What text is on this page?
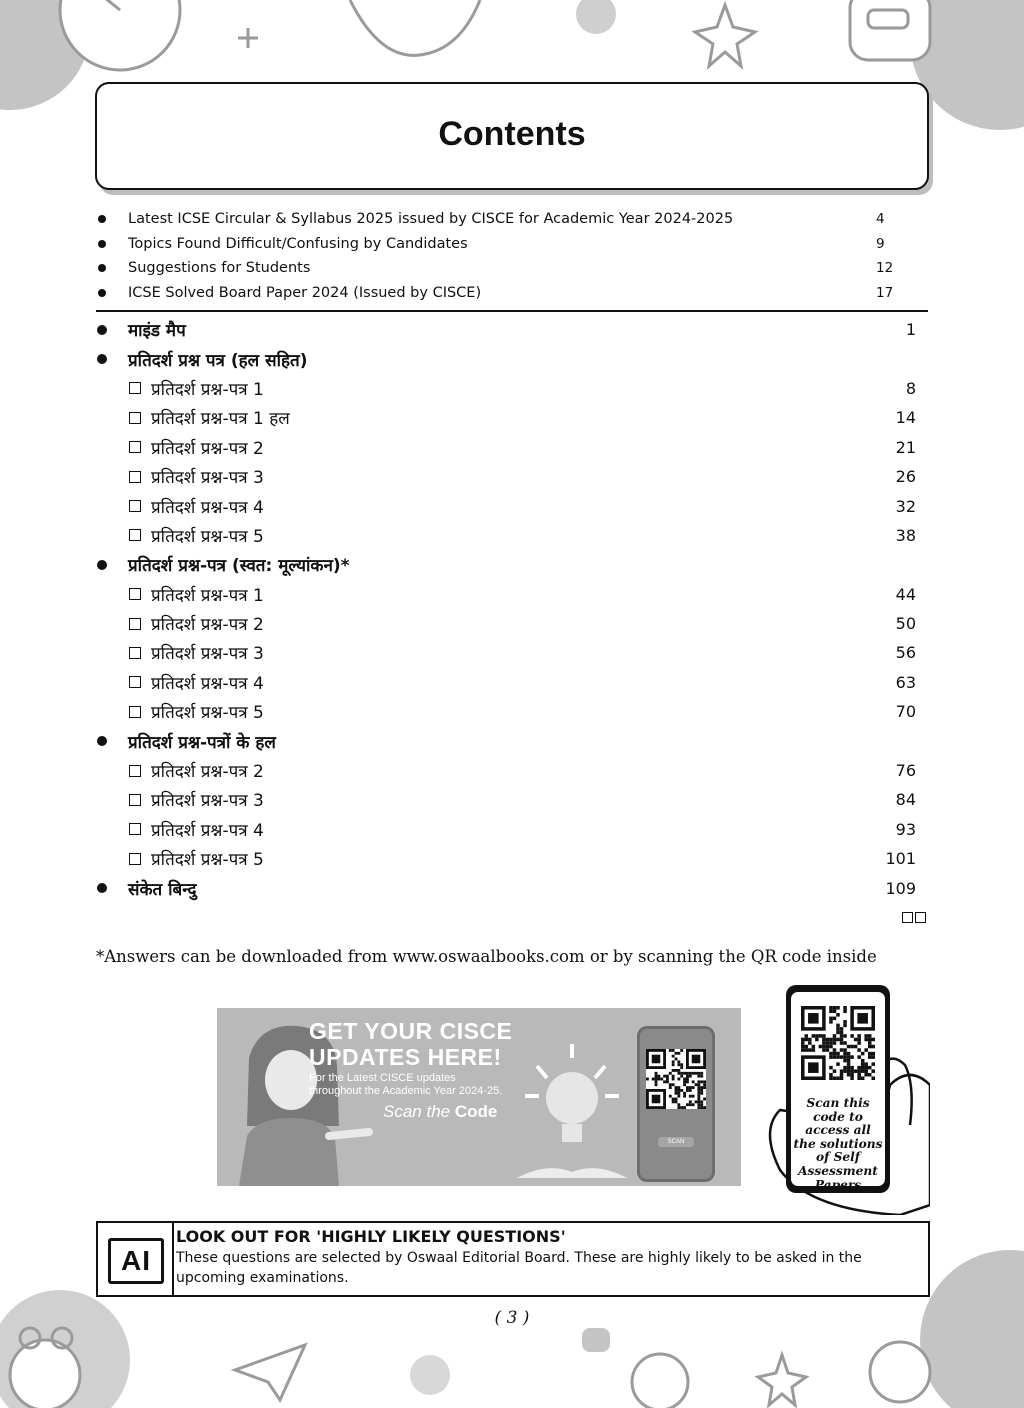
Contents
Latest ICSE Circular & Syllabus 2025 issued by CISCE for Academic Year 2024-2025	4
Topics Found Difficult/Confusing by Candidates	9
Suggestions for Students	12
ICSE Solved Board Paper 2024 (Issued by CISCE)	17
माइंड मैप	1
प्रतिदर्श प्रश्न पत्र (हल सहित)
प्रतिदर्श प्रश्न-पत्र 1	8
प्रतिदर्श प्रश्न-पत्र 1 हल	14
प्रतिदर्श प्रश्न-पत्र 2	21
प्रतिदर्श प्रश्न-पत्र 3	26
प्रतिदर्श प्रश्न-पत्र 4	32
प्रतिदर्श प्रश्न-पत्र 5	38
प्रतिदर्श प्रश्न-पत्र (स्वत: मूल्यांकन)*
प्रतिदर्श प्रश्न-पत्र 1	44
प्रतिदर्श प्रश्न-पत्र 2	50
प्रतिदर्श प्रश्न-पत्र 3	56
प्रतिदर्श प्रश्न-पत्र 4	63
प्रतिदर्श प्रश्न-पत्र 5	70
प्रतिदर्श प्रश्न-पत्रों के हल
प्रतिदर्श प्रश्न-पत्र 2	76
प्रतिदर्श प्रश्न-पत्र 3	84
प्रतिदर्श प्रश्न-पत्र 4	93
प्रतिदर्श प्रश्न-पत्र 5	101
संकेत बिन्दु	109
*Answers can be downloaded from www.oswaalbooks.com or by scanning the QR code inside
GET YOUR CISCE
UPDATES HERE!
For the Latest CISCE updates throughout the Academic Year 2024-25.
Scan the Code
SCAN
Scan this code to access all the solutions of Self Assessment Papers
AI
LOOK OUT FOR 'HIGHLY LIKELY QUESTIONS'
These questions are selected by Oswaal Editorial Board. These are highly likely to be asked in the upcoming examinations.
( 3 )
